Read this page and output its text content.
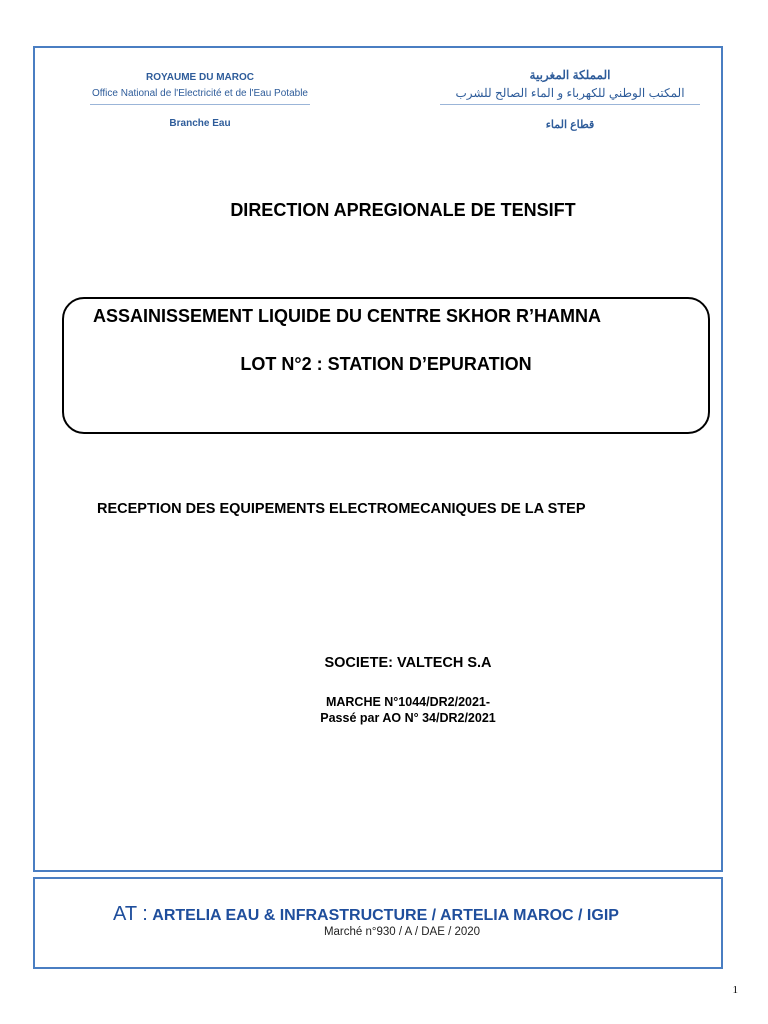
ROYAUME DU MAROC
Office National de l'Electricité et de l'Eau Potable
Branche Eau
المملكة المغربية
المكتب الوطني للكهرباء و الماء الصالح للشرب
قطاع الماء
DIRECTION APREGIONALE DE TENSIFT
ASSAINISSEMENT LIQUIDE DU CENTRE SKHOR R’HAMNA
LOT N°2 : STATION D’EPURATION
RECEPTION DES EQUIPEMENTS ELECTROMECANIQUES DE LA STEP
SOCIETE: VALTECH S.A
MARCHE N°1044/DR2/2021-
Passé par AO N° 34/DR2/2021
AT : ARTELIA EAU & INFRASTRUCTURE / ARTELIA MAROC / IGIP
Marché n°930 / A / DAE / 2020
1
